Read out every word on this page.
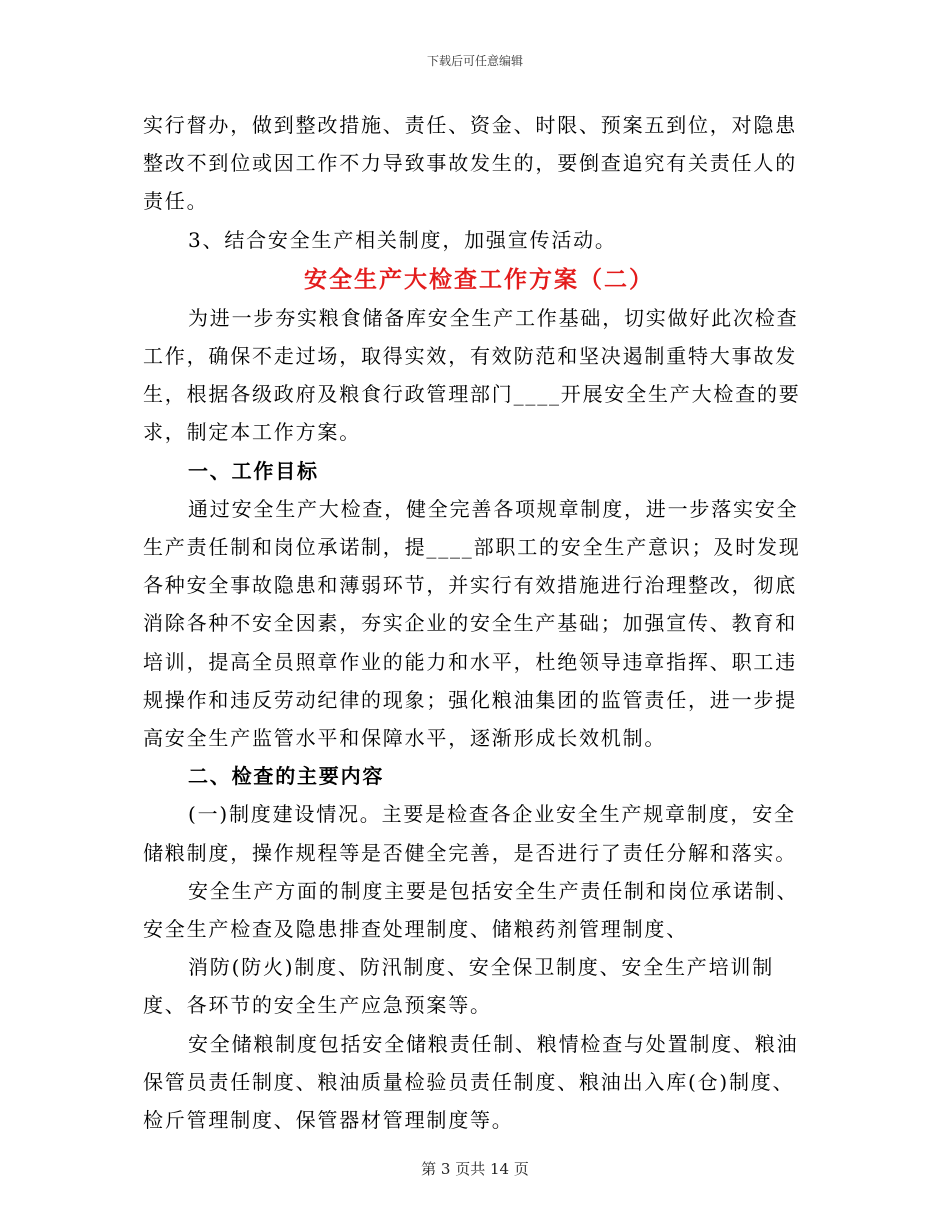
下载后可任意编辑

实行督办，做到整改措施、责任、资金、时限、预案五到位，对隐患整改不到位或因工作不力导致事故发生的，要倒查追究有关责任人的责任。

3、结合安全生产相关制度，加强宣传活动。

安全生产大检查工作方案（二）

为进一步夯实粮食储备库安全生产工作基础，切实做好此次检查工作，确保不走过场，取得实效，有效防范和坚决遏制重特大事故发生，根据各级政府及粮食行政管理部门____开展安全生产大检查的要求，制定本工作方案。

一、工作目标

通过安全生产大检查，健全完善各项规章制度，进一步落实安全生产责任制和岗位承诺制，提____部职工的安全生产意识；及时发现各种安全事故隐患和薄弱环节，并实行有效措施进行治理整改，彻底消除各种不安全因素，夯实企业的安全生产基础；加强宣传、教育和培训，提高全员照章作业的能力和水平，杜绝领导违章指挥、职工违规操作和违反劳动纪律的现象；强化粮油集团的监管责任，进一步提高安全生产监管水平和保障水平，逐渐形成长效机制。

二、检查的主要内容

(一)制度建设情况。主要是检查各企业安全生产规章制度，安全储粮制度，操作规程等是否健全完善，是否进行了责任分解和落实。

安全生产方面的制度主要是包括安全生产责任制和岗位承诺制、安全生产检查及隐患排查处理制度、储粮药剂管理制度、

消防(防火)制度、防汛制度、安全保卫制度、安全生产培训制度、各环节的安全生产应急预案等。

安全储粮制度包括安全储粮责任制、粮情检查与处置制度、粮油保管员责任制度、粮油质量检验员责任制度、粮油出入库(仓)制度、检斤管理制度、保管器材管理制度等。

第 3 页共 14 页
